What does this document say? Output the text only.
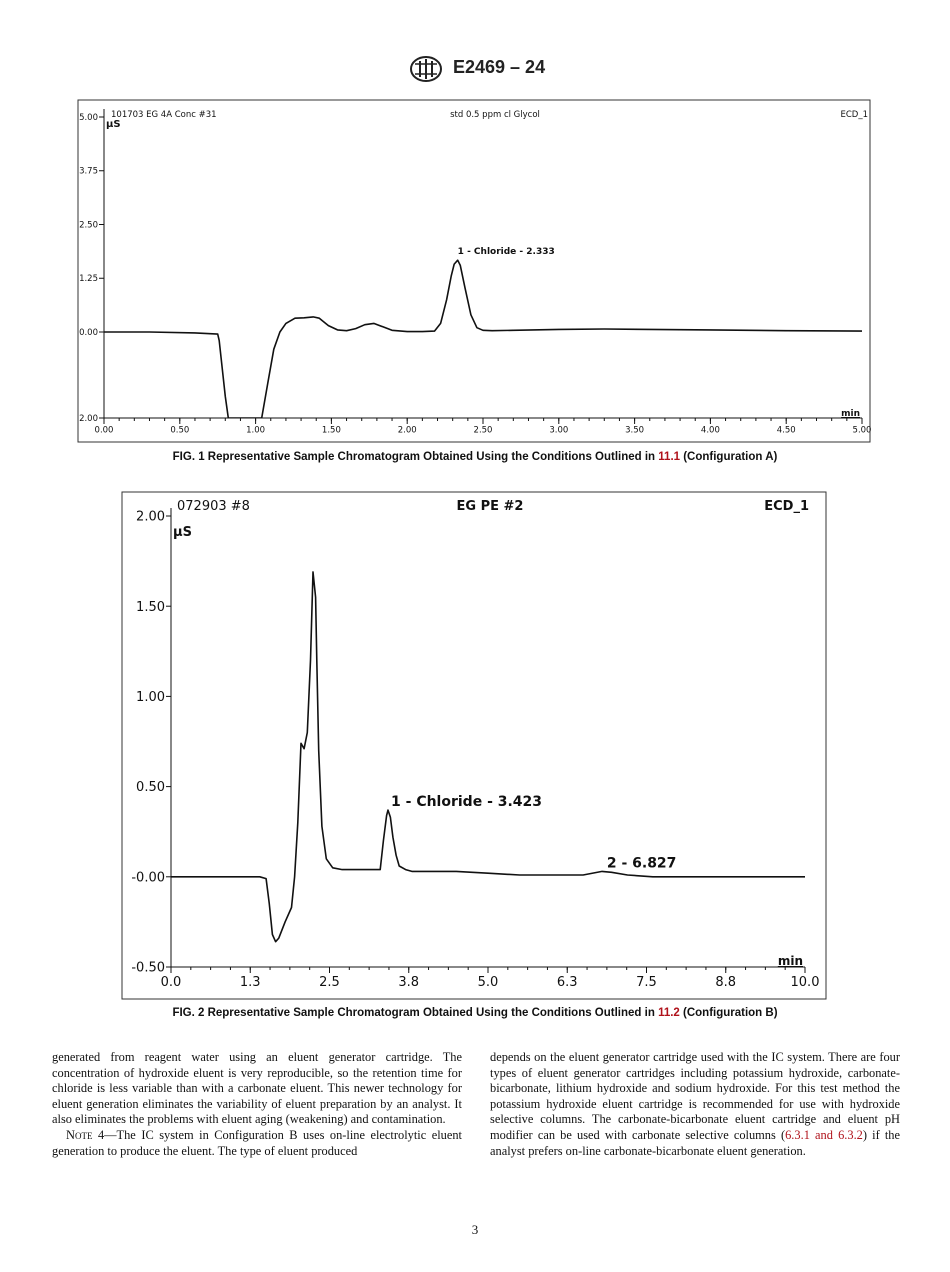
E2469 – 24
101703 EG 4A Conc #31	std 0.5 ppm cl Glycol	ECD_1
µS
min
5.00
3.75
2.50
1.25
0.00
2.00
0.00	0.50	1.00	1.50	2.00	2.50	3.00	3.50	4.00	4.50	5.00
1 - Chloride - 2.333
FIG. 1 Representative Sample Chromatogram Obtained Using the Conditions Outlined in 11.1 (Configuration A)
072903 #8	EG PE #2	ECD_1
µS
min
2.00
1.50
1.00
0.50
-0.00
-0.50
0.0	1.3	2.5	3.8	5.0	6.3	7.5	8.8	10.0
1 - Chloride - 3.423
2 - 6.827
FIG. 2 Representative Sample Chromatogram Obtained Using the Conditions Outlined in 11.2 (Configuration B)

generated from reagent water using an eluent generator cartridge. The concentration of hydroxide eluent is very reproducible, so the retention time for chloride is less variable than with a carbonate eluent. This newer technology for eluent generation eliminates the variability of eluent preparation by an analyst. It also eliminates the problems with eluent aging (weakening) and contamination.

Note 4—The IC system in Configuration B uses on-line electrolytic eluent generation to produce the eluent. The type of eluent produced

depends on the eluent generator cartridge used with the IC system. There are four types of eluent generator cartridges including potassium hydroxide, carbonate-bicarbonate, lithium hydroxide and sodium hydroxide. For this test method the potassium hydroxide eluent cartridge is recommended for use with hydroxide selective columns. The carbonate-bicarbonate eluent cartridge and eluent pH modifier can be used with carbonate selective columns (6.3.1 and 6.3.2) if the analyst prefers on-line carbonate-bicarbonate eluent generation.

3
